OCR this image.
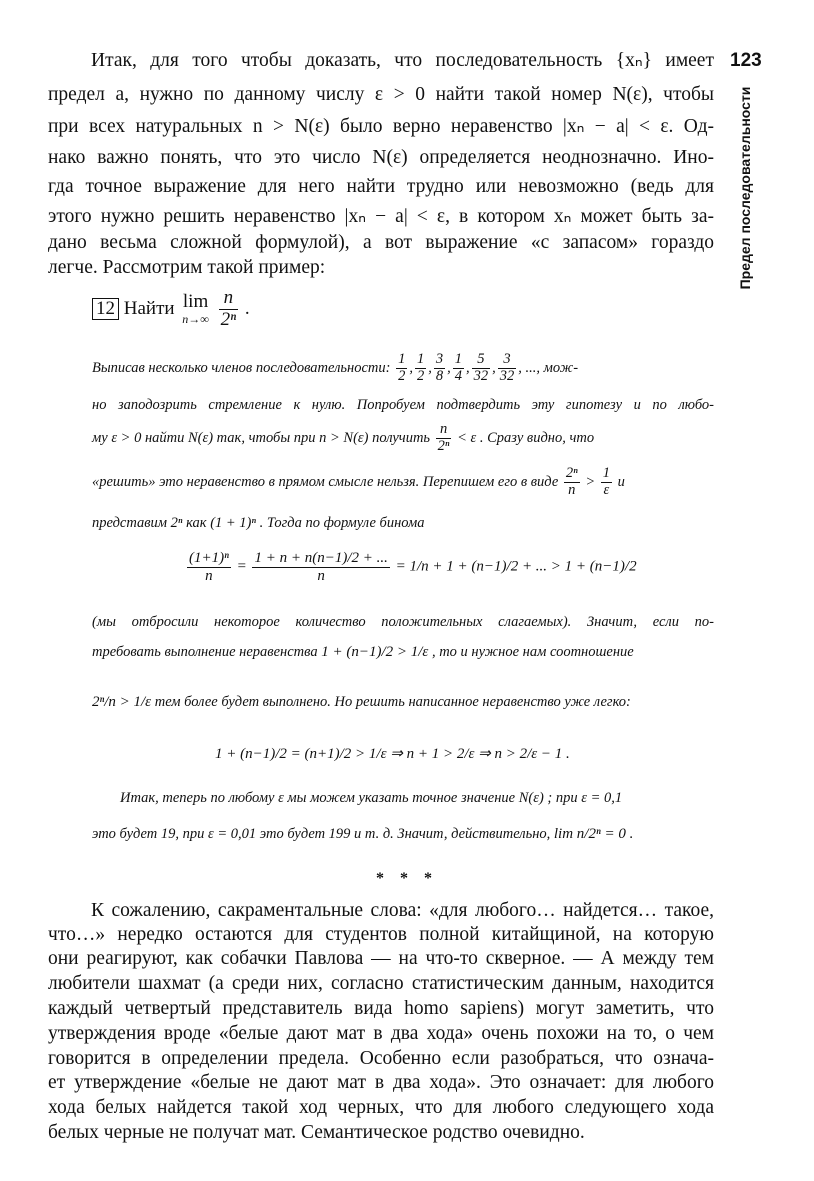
123
Предел последовательности
Итак, для того чтобы доказать, что последовательность {xₙ} имеет
предел a, нужно по данному числу ε > 0 найти такой номер N(ε), чтобы
при всех натуральных n > N(ε) было верно неравенство |xₙ − a| < ε. Од-
нако важно понять, что это число N(ε) определяется неоднозначно. Ино-
гда точное выражение для него найти трудно или невозможно (ведь для
этого нужно решить неравенство |xₙ − a| < ε, в котором xₙ может быть за-
дано весьма сложной формулой), а вот выражение «с запасом» гораздо
легче. Рассмотрим такой пример:
12 Найти lim
n→∞
$\frac{n}{\text{2ⁿ}}$ .
Выписав несколько членов последовательности: $\frac{1}{2}$ , $\frac{1}{2}$ , $\frac{3}{8}$ , $\frac{1}{4}$ , $\frac{5}{32}$ , $\frac{3}{32}$ , ..., мож-
но заподозрить стремление к нулю. Попробуем подтвердить эту гипотезу и по любо-
му ε > 0 найти N(ε) так, чтобы при n > N(ε) получить $\frac{n}{\text{2ⁿ}} < \varepsilon$ . Сразу видно, что
«решить» это неравенство в прямом смысле нельзя. Перепишем его в виде $\frac{\text{2ⁿ}}{n} > \frac{1}{\varepsilon}$ и
представим 2ⁿ как (1 + 1)ⁿ . Тогда по формуле бинома
$\frac{\text{(1+1)ⁿ}}{n} = \frac{1 + n + n(n-1)/2 + ...}{n} = 1/n + 1 + (n-1)/2$ + ... > 1 + (n−1)/2
(мы отбросили некоторое количество положительных слагаемых). Значит, если по-
требовать выполнение неравенства 1 + (n−1)/2 > 1/ε , то и нужное нам соотношение
2ⁿ/n > 1/ε тем более будет выполнено. Но решить написанное неравенство уже легко:
1 + (n−1)/2 = (n+1)/2 > 1/ε ⇒ n + 1 > 2/ε ⇒ n > 2/ε − 1 .
Итак, теперь по любому ε мы можем указать точное значение N(ε) ; при ε = 0,1
это будет 19, при ε = 0,01 это будет 199 и т. д. Значит, действительно, lim n/2ⁿ = 0 .
* * *
К сожалению, сакраментальные слова: «для любого… найдется… такое,
что…» нередко остаются для студентов полной китайщиной, на которую
они реагируют, как собачки Павлова — на что-то скверное. — А между тем
любители шахмат (а среди них, согласно статистическим данным, находится
каждый четвертый представитель вида homo sapiens) могут заметить, что
утверждения вроде «белые дают мат в два хода» очень похожи на то, о чем
говорится в определении предела. Особенно если разобраться, что означа-
ет утверждение «белые не дают мат в два хода». Это означает: для любого
хода белых найдется такой ход черных, что для любого следующего хода
белых черные не получат мат. Семантическое родство очевидно.
